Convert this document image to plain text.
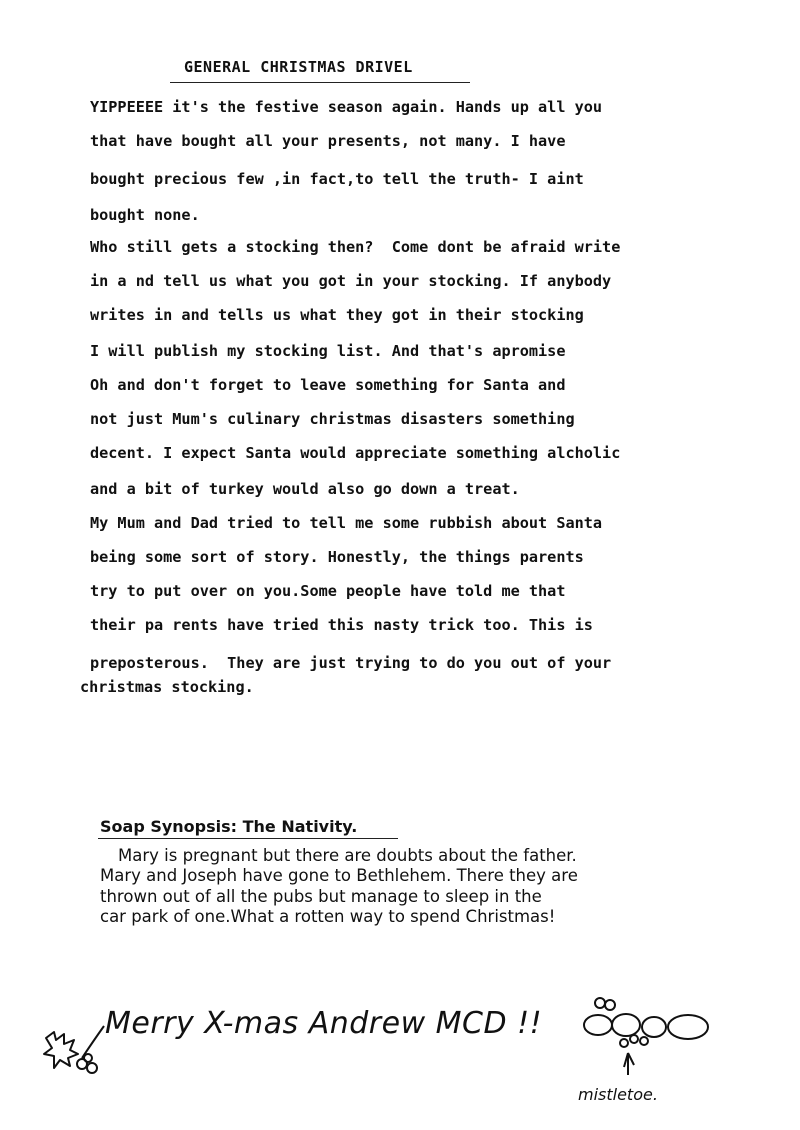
GENERAL CHRISTMAS DRIVEL
YIPPEEEE it's the festive season again. Hands up all you
that have bought all your presents, not many. I have
bought precious few ,in fact,to tell the truth- I aint
bought none.
Who still gets a stocking then?  Come dont be afraid write
in a nd tell us what you got in your stocking. If anybody
writes in and tells us what they got in their stocking
I will publish my stocking list. And that's apromise
Oh and don't forget to leave something for Santa and
not just Mum's culinary christmas disasters something
decent. I expect Santa would appreciate something alcholic
and a bit of turkey would also go down a treat.
My Mum and Dad tried to tell me some rubbish about Santa
being some sort of story. Honestly, the things parents
try to put over on you.Some people have told me that
their pa rents have tried this nasty trick too. This is
preposterous.  They are just trying to do you out of your
christmas stocking.
Soap Synopsis: The Nativity.
Mary is pregnant but there are doubts about the father.
Mary and Joseph have gone to Bethlehem. There they are
thrown out of all the pubs but manage to sleep in the
car park of one.What a rotten way to spend Christmas!
Merry X-mas Andrew MCD !!
mistletoe.
